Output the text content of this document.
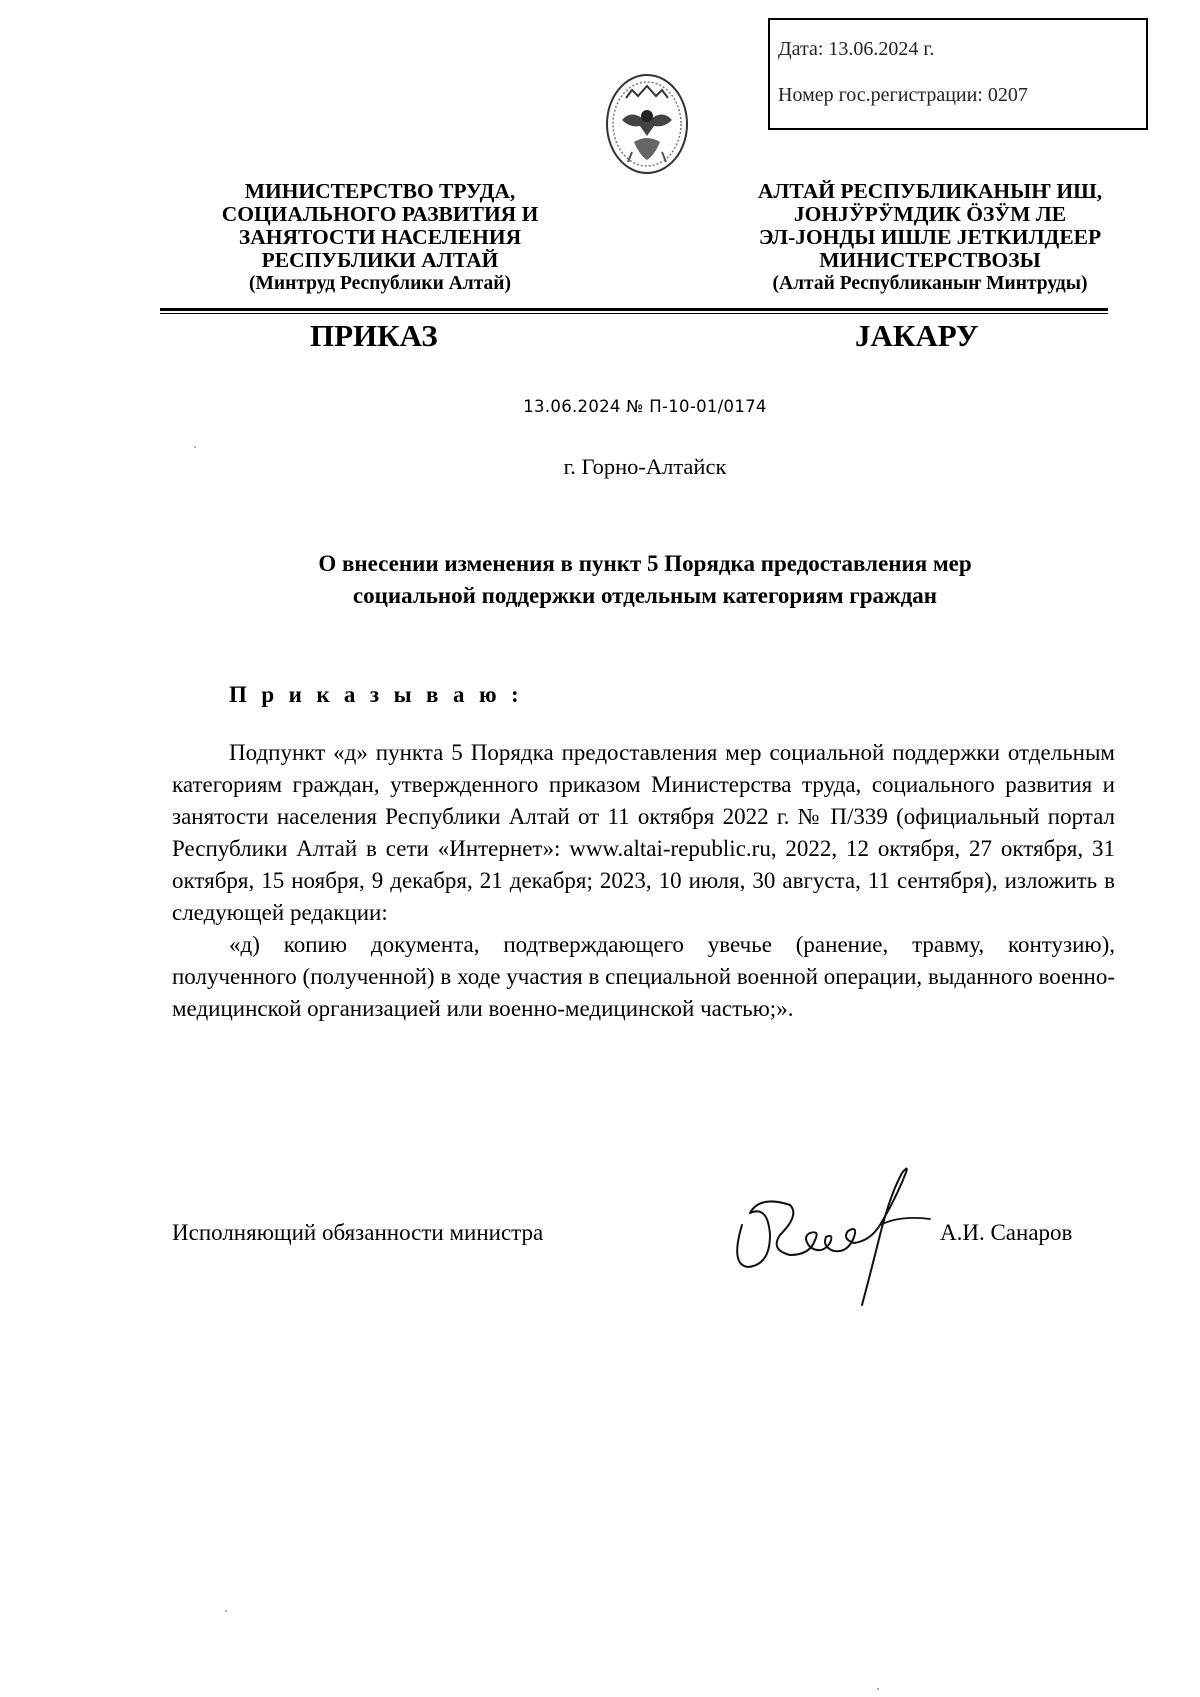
Дата: 13.06.2024 г.
Номер гос.регистрации: 0207
МИНИСТЕРСТВО ТРУДА,
СОЦИАЛЬНОГО РАЗВИТИЯ И
ЗАНЯТОСТИ НАСЕЛЕНИЯ
РЕСПУБЛИКИ АЛТАЙ
(Минтруд Республики Алтай)
АЛТАЙ РЕСПУБЛИКАНЫҤ ИШ,
ЈОНЈӰРӰМДИК ӦЗӰМ ЛЕ
ЭЛ-ЈОНДЫ ИШЛЕ ЈЕТКИЛДЕЕР
МИНИСТЕРСТВОЗЫ
(Алтай Республиканыҥ Минтруды)
ПРИКАЗ	ЈАКАРУ
13.06.2024 № П-10-01/0174
г. Горно-Алтайск
О внесении изменения в пункт 5 Порядка предоставления мер
социальной поддержки отдельным категориям граждан
Приказываю:

Подпункт «д» пункта 5 Порядка предоставления мер социальной поддержки отдельным категориям граждан, утвержденного приказом Министерства труда, социального развития и занятости населения Республики Алтай от 11 октября 2022 г. № П/339 (официальный портал Республики Алтай в сети «Интернет»: www.altai-republic.ru, 2022, 12 октября, 27 октября, 31 октября, 15 ноября, 9 декабря, 21 декабря; 2023, 10 июля, 30 августа, 11 сентября), изложить в следующей редакции:

«д) копию документа, подтверждающего увечье (ранение, травму, контузию), полученного (полученной) в ходе участия в специальной военной операции, выданного военно-медицинской организацией или военно-медицинской частью;».

Исполняющий обязанности министра	А.И. Санаров
